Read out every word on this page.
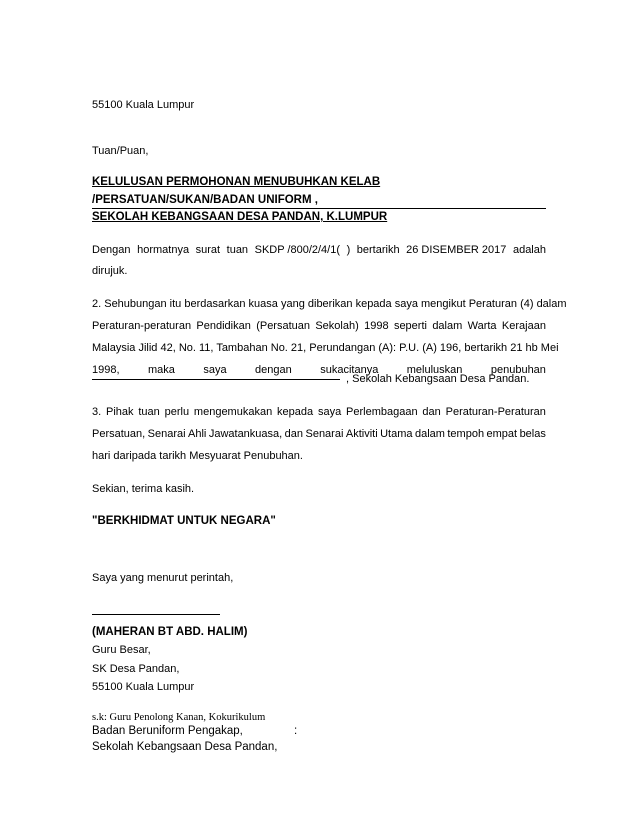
55100 Kuala Lumpur
Tuan/Puan,
KELULUSAN PERMOHONAN MENUBUHKAN KELAB
/PERSATUAN/SUKAN/BADAN UNIFORM ,
SEKOLAH KEBANGSAAN DESA PANDAN, K.LUMPUR
Dengan hormatnya surat tuan SKDP /800/2/4/1( ) bertarikh 26 DISEMBER 2017 adalah
dirujuk.
2. Sehubungan itu berdasarkan kuasa yang diberikan kepada saya mengikut Peraturan (4) dalam
Peraturan-peraturan Pendidikan (Persatuan Sekolah) 1998 seperti dalam Warta Kerajaan
Malaysia Jilid 42, No. 11, Tambahan No. 21, Perundangan (A): P.U. (A) 196, bertarikh 21 hb Mei
1998,	maka	saya	dengan	sukacitanya	meluluskan	penubuhan
, Sekolah Kebangsaan Desa Pandan.
3. Pihak tuan perlu mengemukakan kepada saya Perlembagaan dan Peraturan-Peraturan
Persatuan, Senarai Ahli Jawatankuasa, dan Senarai Aktiviti Utama dalam tempoh empat belas
hari daripada tarikh Mesyuarat Penubuhan.
Sekian, terima kasih.
"BERKHIDMAT UNTUK NEGARA"
Saya yang menurut perintah,
(MAHERAN BT ABD. HALIM)
Guru Besar,
SK Desa Pandan,
55100 Kuala Lumpur
s.k: Guru Penolong Kanan, Kokurikulum
Badan Beruniform Pengakap,	:
Sekolah Kebangsaan Desa Pandan,
